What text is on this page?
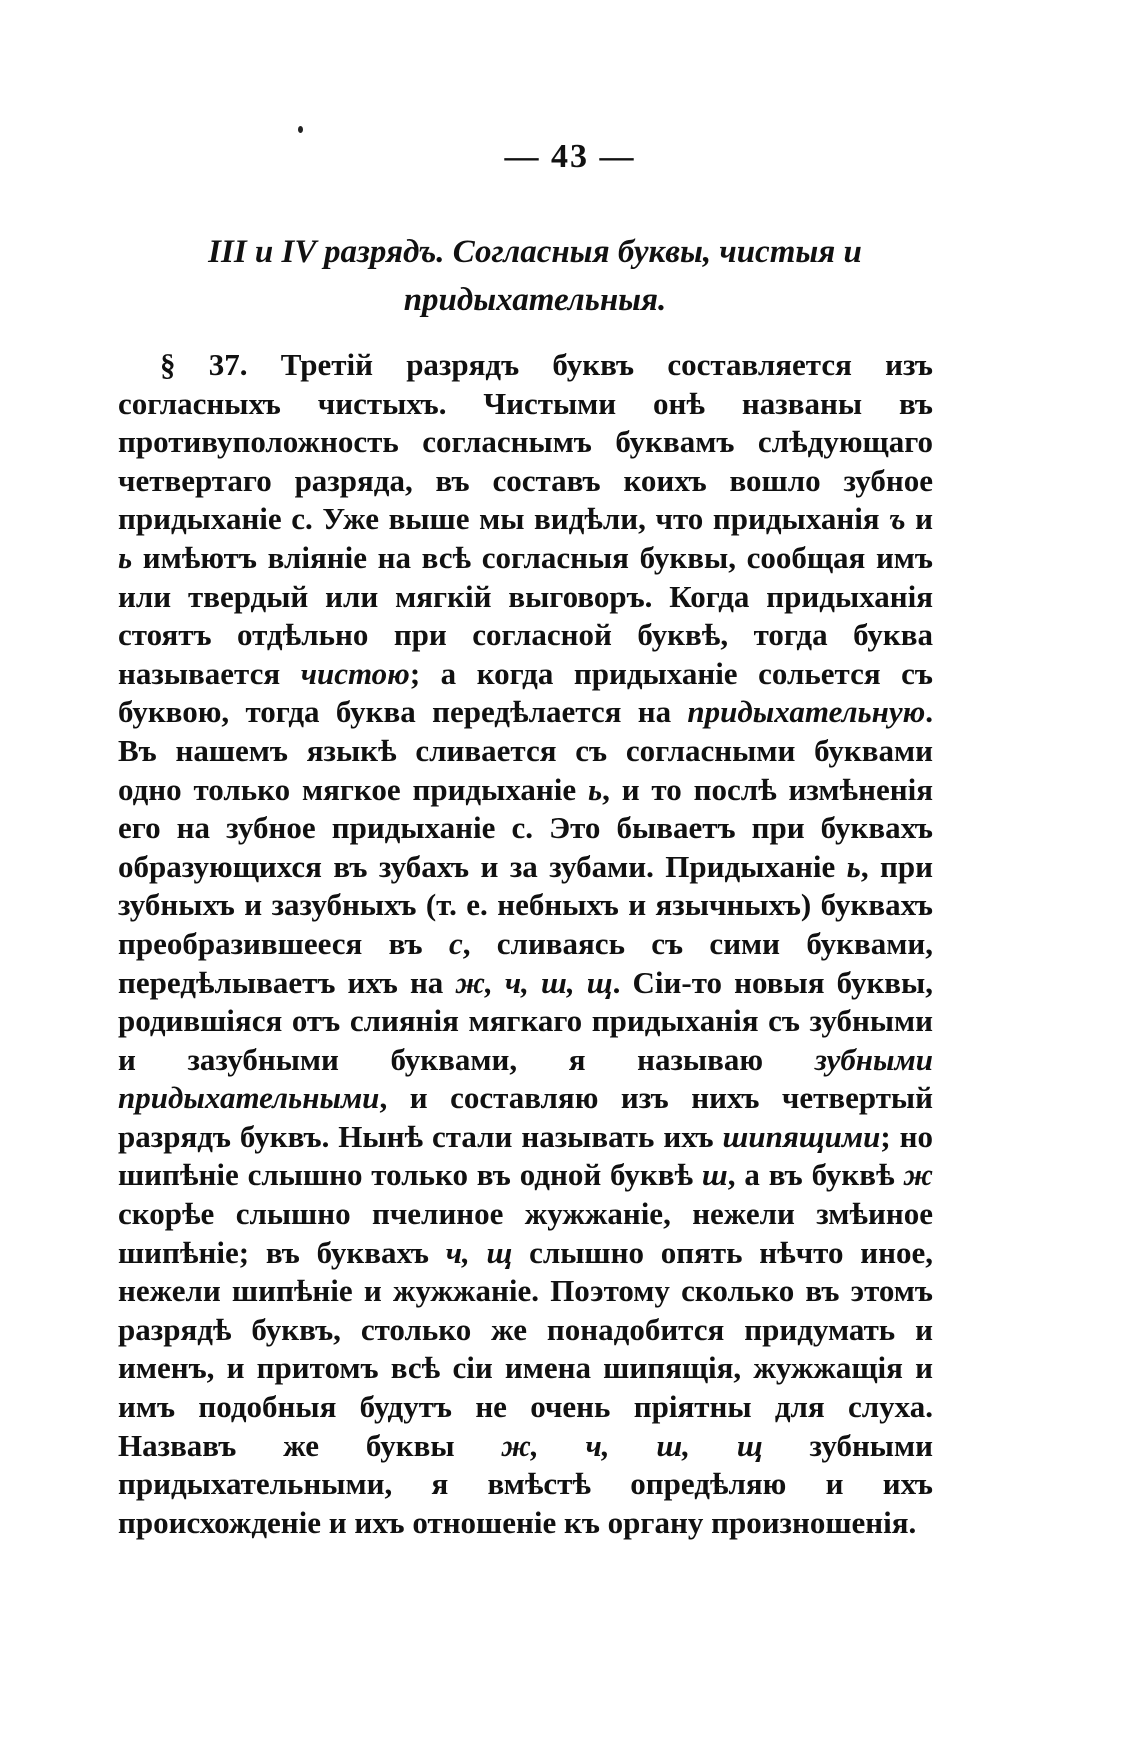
— 43 —
III и IV разрядъ. Согласныя буквы, чистыя и придыхательныя.
§ 37. Третій разрядъ буквъ составляется изъ согласныхъ чистыхъ. Чистыми онѣ названы въ противуположность согласнымъ буквамъ слѣдующаго четвертаго разряда, въ составъ коихъ вошло зубное придыханіе с. Уже выше мы видѣли, что придыханія ъ и ь имѣютъ вліяніе на всѣ согласныя буквы, сообщая имъ или твердый или мягкій выговоръ. Когда придыханія стоятъ отдѣльно при согласной буквѣ, тогда буква называется чистою; а когда придыханіе сольется съ буквою, тогда буква передѣлается на придыхательную. Въ нашемъ языкѣ сливается съ согласными буквами одно только мягкое придыханіе ь, и то послѣ измѣненія его на зубное придыханіе с. Это бываетъ при буквахъ образующихся въ зубахъ и за зубами. Придыханіе ь, при зубныхъ и зазубныхъ (т. е. небныхъ и язычныхъ) буквахъ преобразившееся въ с, сливаясь съ сими буквами, передѣлываетъ ихъ на ж, ч, ш, щ. Сіи-то новыя буквы, родившіяся отъ слиянія мягкаго придыханія съ зубными и зазубными буквами, я называю зубными придыхательными, и составляю изъ нихъ четвертый разрядъ буквъ. Нынѣ стали называть ихъ шипящими; но шипѣніе слышно только въ одной буквѣ ш, а въ буквѣ ж скорѣе слышно пчелиное жужжаніе, нежели змѣиное шипѣніе; въ буквахъ ч, щ слышно опять нѣчто иное, нежели шипѣніе и жужжаніе. Поэтому сколько въ этомъ разрядѣ буквъ, столько же понадобится придумать и именъ, и притомъ всѣ сіи имена шипящія, жужжащія и имъ подобныя будутъ не очень пріятны для слуха. Назвавъ же буквы ж, ч, ш, щ зубными придыхательными, я вмѣстѣ опредѣляю и ихъ происхожденіе и ихъ отношеніе къ органу произношенія.
